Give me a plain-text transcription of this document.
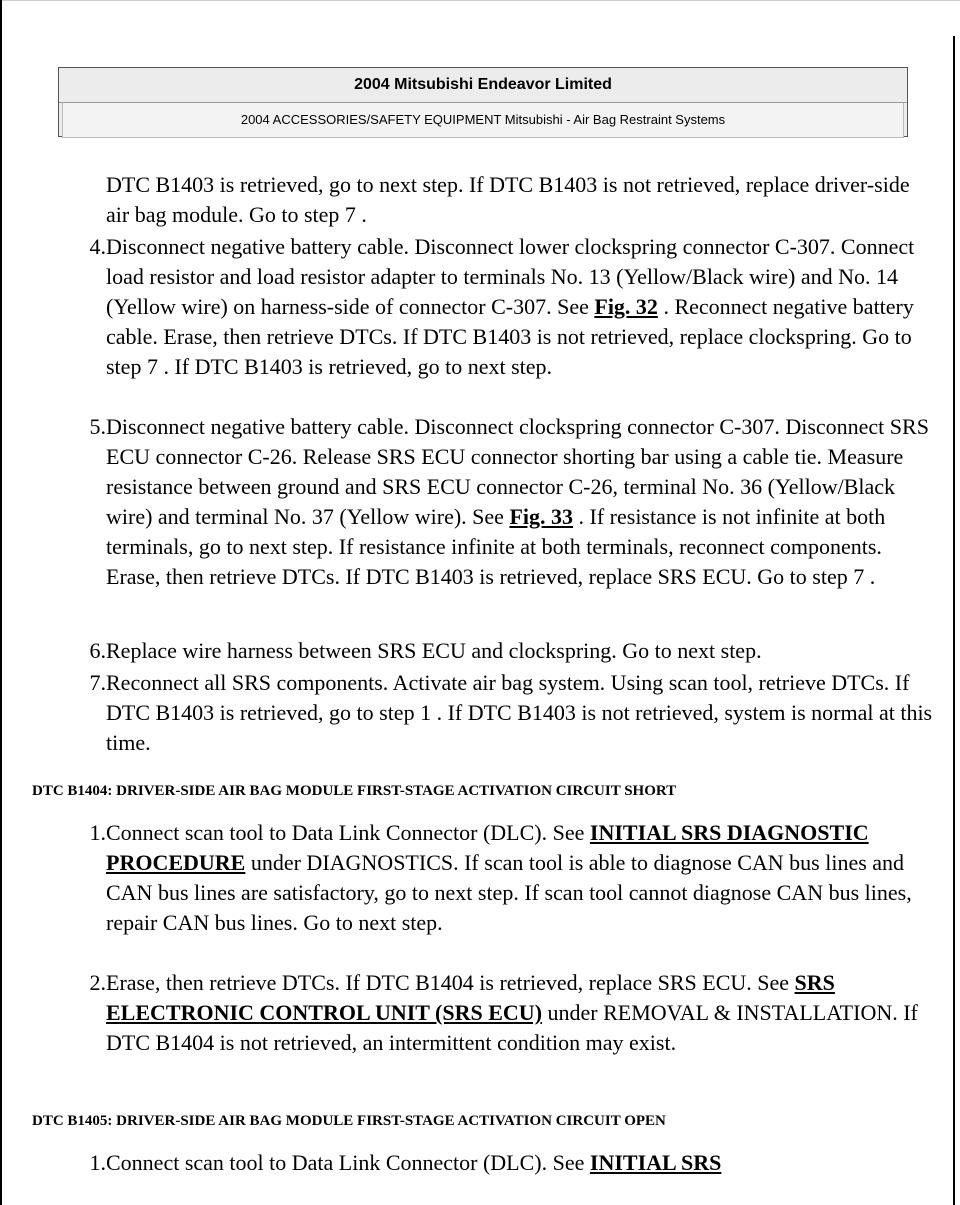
2004 Mitsubishi Endeavor Limited
2004 ACCESSORIES/SAFETY EQUIPMENT Mitsubishi - Air Bag Restraint Systems
DTC B1403 is retrieved, go to next step. If DTC B1403 is not retrieved, replace driver-side air bag module. Go to step 7 .
4. Disconnect negative battery cable. Disconnect lower clockspring connector C-307. Connect load resistor and load resistor adapter to terminals No. 13 (Yellow/Black wire) and No. 14 (Yellow wire) on harness-side of connector C-307. See Fig. 32 . Reconnect negative battery cable. Erase, then retrieve DTCs. If DTC B1403 is not retrieved, replace clockspring. Go to step 7 . If DTC B1403 is retrieved, go to next step.
5. Disconnect negative battery cable. Disconnect clockspring connector C-307. Disconnect SRS ECU connector C-26. Release SRS ECU connector shorting bar using a cable tie. Measure resistance between ground and SRS ECU connector C-26, terminal No. 36 (Yellow/Black wire) and terminal No. 37 (Yellow wire). See Fig. 33 . If resistance is not infinite at both terminals, go to next step. If resistance infinite at both terminals, reconnect components. Erase, then retrieve DTCs. If DTC B1403 is retrieved, replace SRS ECU. Go to step 7 .
6. Replace wire harness between SRS ECU and clockspring. Go to next step.
7. Reconnect all SRS components. Activate air bag system. Using scan tool, retrieve DTCs. If DTC B1403 is retrieved, go to step 1 . If DTC B1403 is not retrieved, system is normal at this time.
DTC B1404: DRIVER-SIDE AIR BAG MODULE FIRST-STAGE ACTIVATION CIRCUIT SHORT
1. Connect scan tool to Data Link Connector (DLC). See INITIAL SRS DIAGNOSTIC PROCEDURE under DIAGNOSTICS. If scan tool is able to diagnose CAN bus lines and CAN bus lines are satisfactory, go to next step. If scan tool cannot diagnose CAN bus lines, repair CAN bus lines. Go to next step.
2. Erase, then retrieve DTCs. If DTC B1404 is retrieved, replace SRS ECU. See SRS ELECTRONIC CONTROL UNIT (SRS ECU) under REMOVAL & INSTALLATION. If DTC B1404 is not retrieved, an intermittent condition may exist.
DTC B1405: DRIVER-SIDE AIR BAG MODULE FIRST-STAGE ACTIVATION CIRCUIT OPEN
1. Connect scan tool to Data Link Connector (DLC). See INITIAL SRS
